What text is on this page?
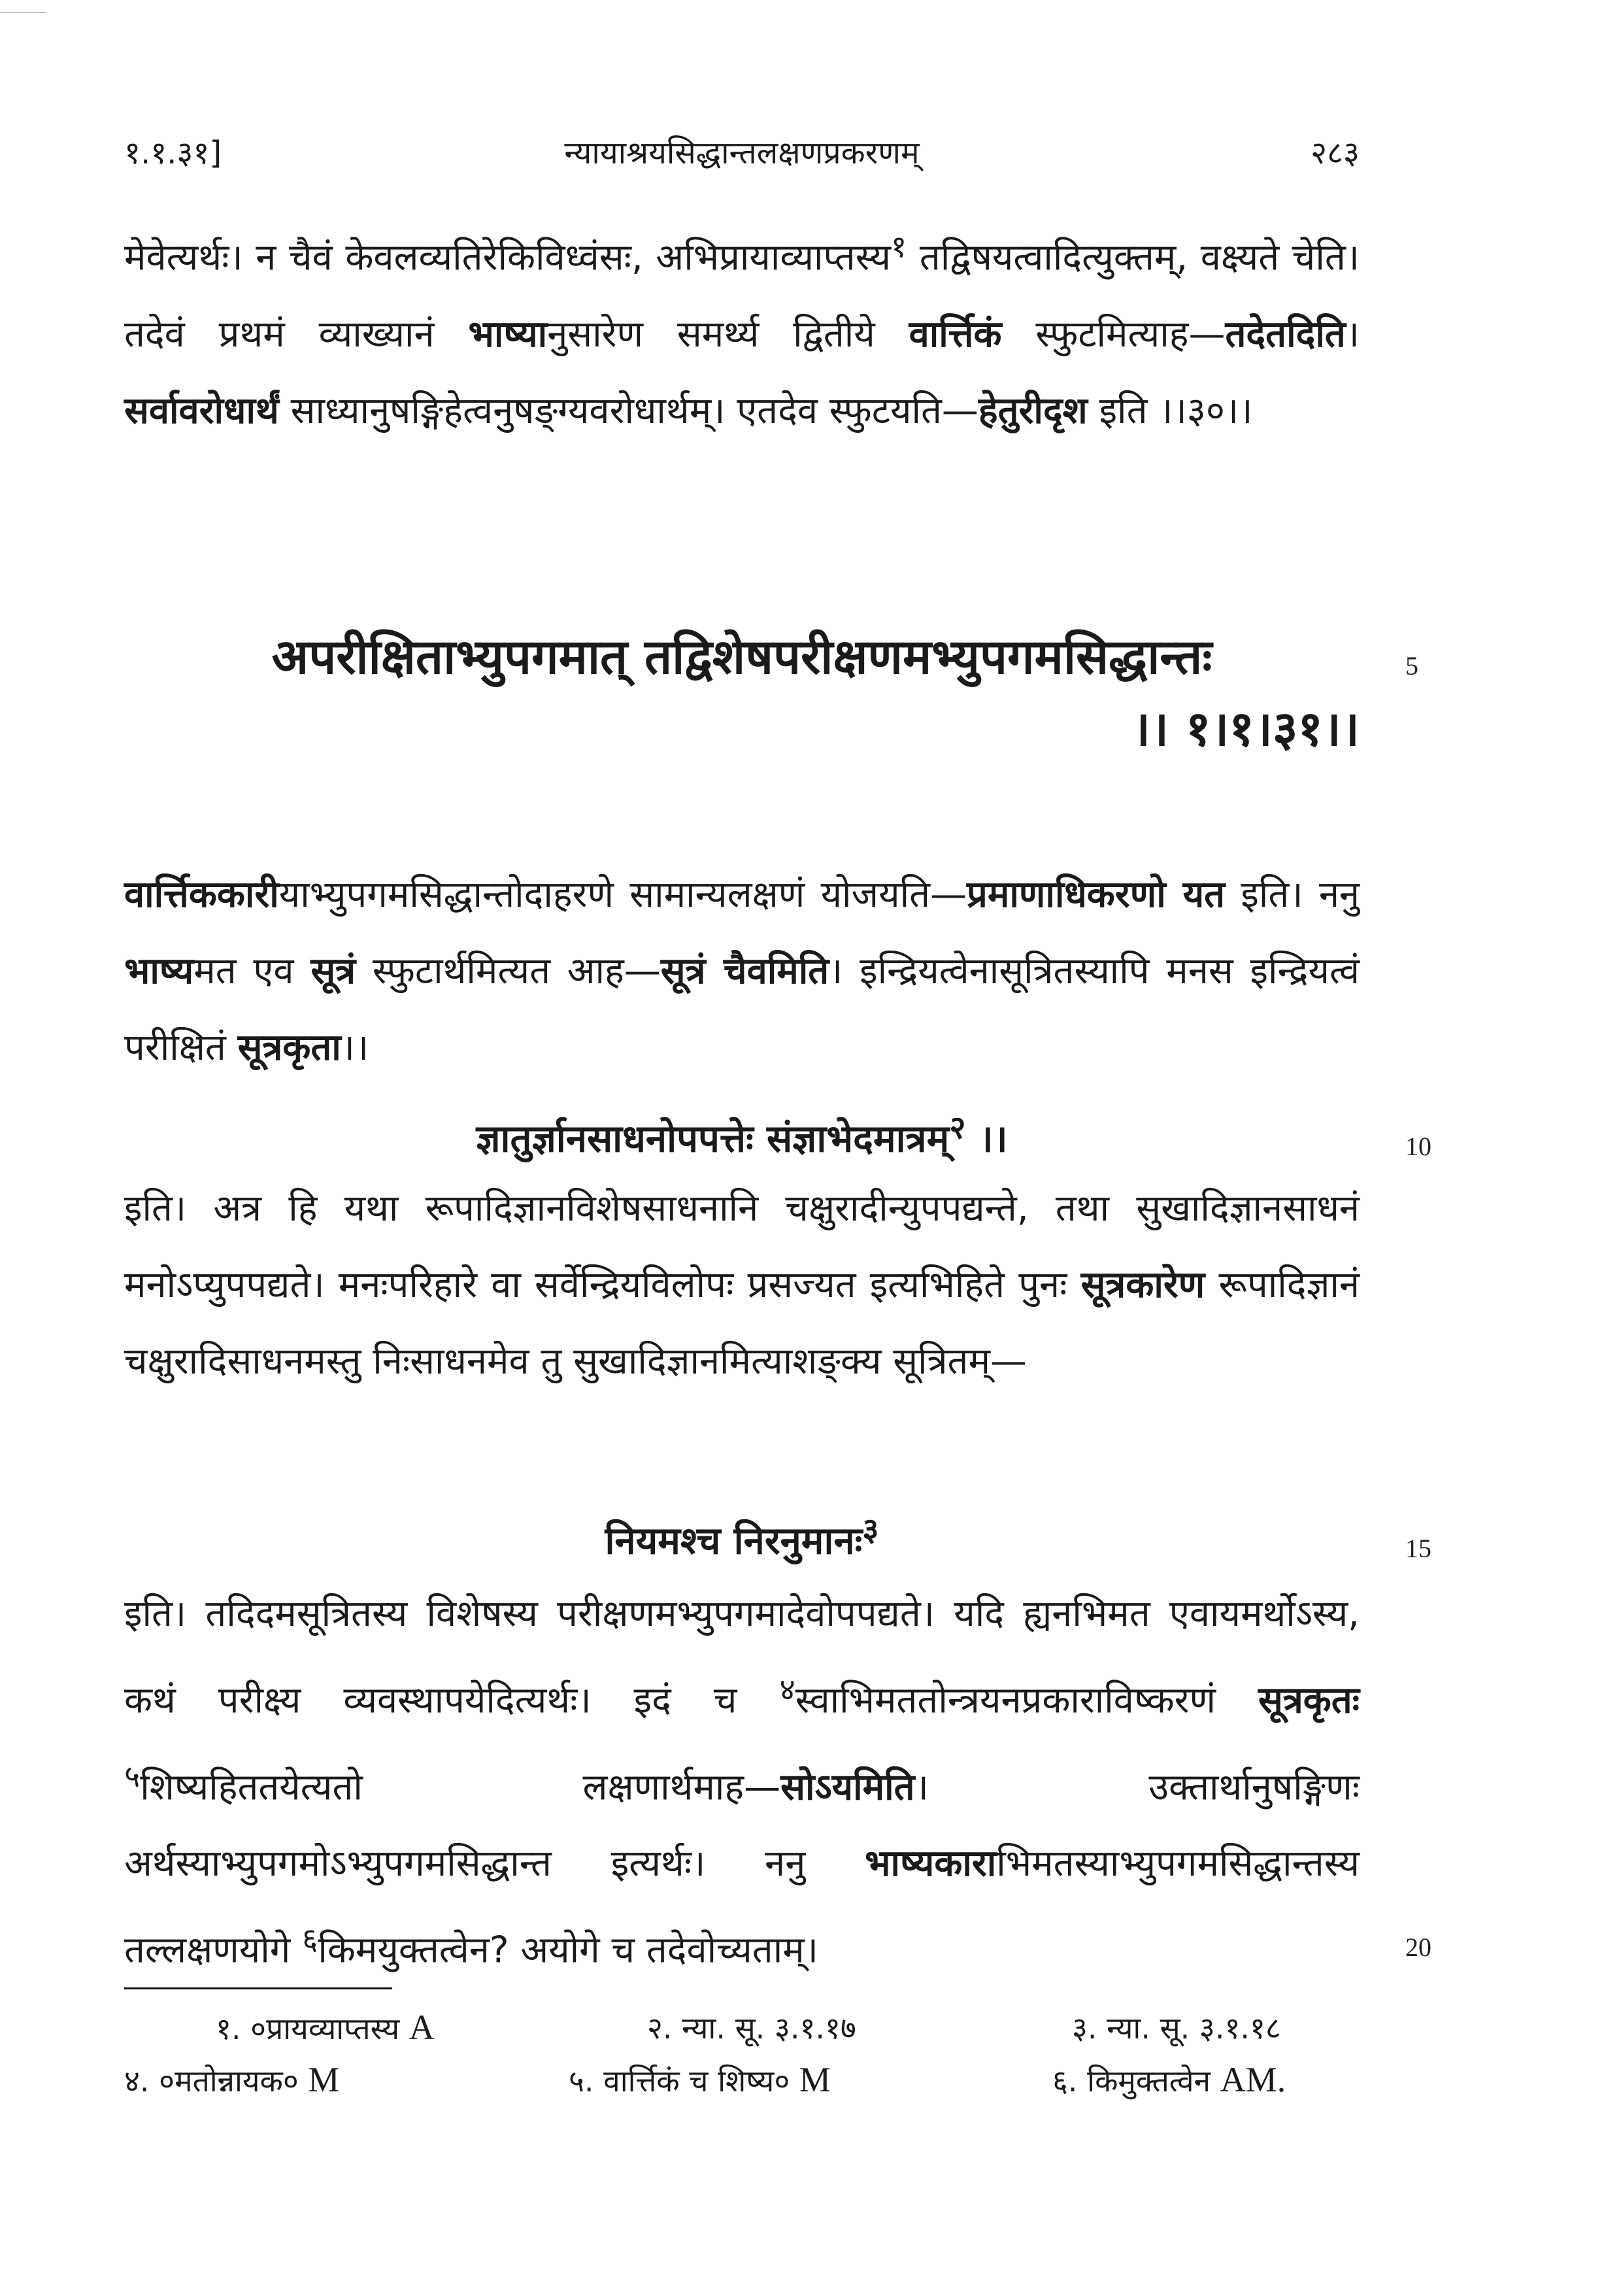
१.१.३१]	न्यायाश्रयसिद्धान्तलक्षणप्रकरणम्	२८३

मेवेत्यर्थः। न चैवं केवलव्यतिरेकिविध्वंसः, अभिप्रायाव्याप्तस्य$^१$ तद्विषयत्वादित्युक्तम्, वक्ष्यते चेति। तदेवं प्रथमं व्याख्यानं भाष्यानुसारेण समर्थ्य द्वितीये वार्त्तिकं स्फुटमित्याह—तदेतदिति। सर्वावरोधार्थं साध्यानुषङ्गिहेत्वनुषङ्ग्यवरोधार्थम्। एतदेव स्फुटयति—हेतुरीदृश इति ।।३०।।

अपरीक्षिताभ्युपगमात् तद्विशेषपरीक्षणमभ्युपगमसिद्धान्तः
।। १।१।३१।।
5

वार्त्तिककारीयाभ्युपगमसिद्धान्तोदाहरणे सामान्यलक्षणं योजयति—प्रमाणाधिकरणो यत इति। ननु भाष्यमत एव सूत्रं स्फुटार्थमित्यत आह—सूत्रं चैवमिति। इन्द्रियत्वेनासूत्रितस्यापि मनस इन्द्रियत्वं परीक्षितं सूत्रकृता।।

ज्ञातुर्ज्ञानसाधनोपपत्तेः संज्ञाभेदमात्रम्$^२$ ।।	10

इति। अत्र हि यथा रूपादिज्ञानविशेषसाधनानि चक्षुरादीन्युपपद्यन्ते, तथा सुखादिज्ञानसाधनं मनोऽप्युपपद्यते। मनःपरिहारे वा सर्वेन्द्रियविलोपः प्रसज्यत इत्यभिहिते पुनः सूत्रकारेण रूपादिज्ञानं चक्षुरादिसाधनमस्तु निःसाधनमेव तु सुखादिज्ञानमित्याशङ्क्य सूत्रितम्—

नियमश्च निरनुमानः$^३$
15

इति। तदिदमसूत्रितस्य विशेषस्य परीक्षणमभ्युपगमादेवोपपद्यते। यदि ह्यनभिमत एवायमर्थोऽस्य, कथं परीक्ष्य व्यवस्थापयेदित्यर्थः। इदं च $^४$स्वाभिमततोन्त्रयनप्रकाराविष्करणं सूत्रकृतः $^५$शिष्यहिततयेत्यतो लक्षणार्थमाह—सोऽयमिति। उक्तार्थानुषङ्गिणः अर्थस्याभ्युपगमोऽभ्युपगमसिद्धान्त इत्यर्थः। ननु भाष्यकाराभिमतस्याभ्युपगमसिद्धान्तस्य तल्लक्षणयोगे $^६$किमयुक्तत्वेन? अयोगे च तदेवोच्यताम्।	20
१. ०प्रायव्याप्तस्य A	२. न्या. सू. ३.१.१७	३. न्या. सू. ३.१.१८
४. ०मतोन्नायक० M	५. वार्त्तिकं च शिष्य० M	६. किमुक्तत्वेन AM.
